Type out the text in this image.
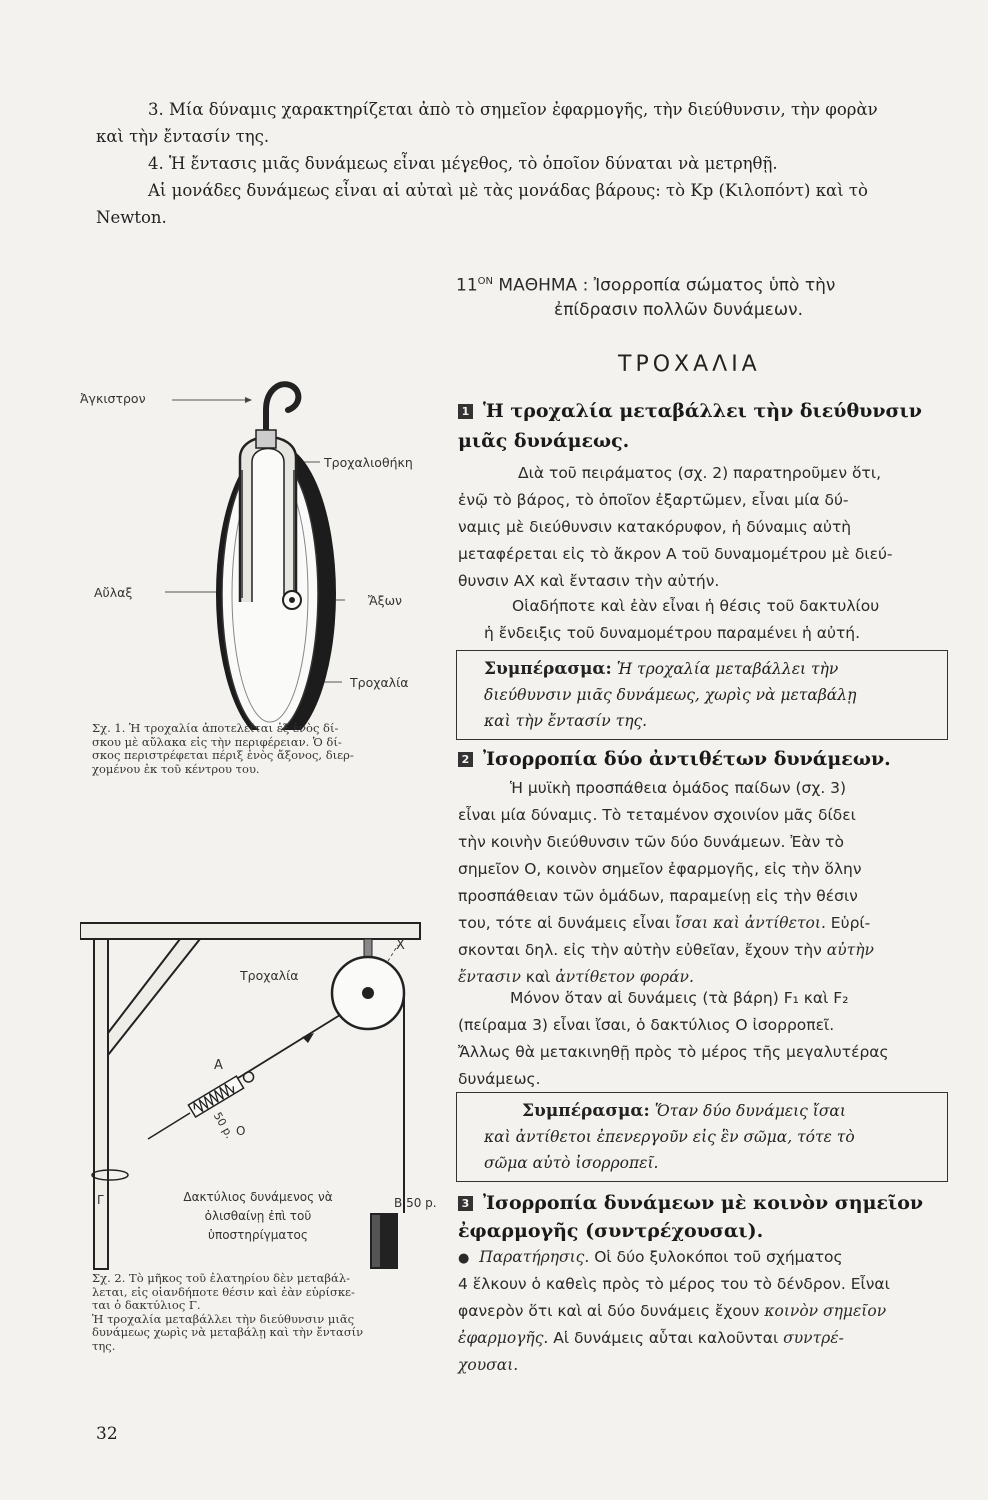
3. Μία δύναμις χαρακτηρίζεται ἀπὸ τὸ σημεῖον ἐφαρμογῆς, τὴν διεύθυνσιν, τὴν φορὰν
καὶ τὴν ἔντασίν της.
4. Ἡ ἔντασις μιᾶς δυνάμεως εἶναι μέγεθος, τὸ ὁποῖον δύναται νὰ μετρηθῇ.
Αἱ μονάδες δυνάμεως εἶναι αἱ αὐταὶ μὲ τὰς μονάδας βάρους: τὸ Kp (Κιλοπόντ) καὶ τὸ
Newton.
Ἀγκιστρον
Τροχαλιοθήκη
Αὔλαξ
Ἄξων
Τροχαλία
Σχ. 1. Ἡ τροχαλία ἀποτελεῖται ἐξ ἑνὸς δί-
σκου μὲ αὔλακα εἰς τὴν περιφέρειαν. Ὁ δί-
σκος περιστρέφεται πέριξ ἑνὸς ἄξονος, διερ-
χομένου ἐκ τοῦ κέντρου του.
Τροχαλία
X
A
50 p. O
Γ	B 50 p.
Δακτύλιος δυνάμενος νὰ
ὀλισθαίνῃ ἐπὶ τοῦ
ὑποστηρίγματος
Σχ. 2. Τὸ μῆκος τοῦ ἐλατηρίου δὲν μεταβάλ-
λεται, εἰς οἱανδήποτε θέσιν καὶ ἐὰν εὑρίσκε-
ται ὁ δακτύλιος Γ.
Ἡ τροχαλία μεταβάλλει τὴν διεύθυνσιν μιᾶς
δυνάμεως χωρὶς νὰ μεταβάλῃ καὶ τὴν ἔντασίν
της.
32
$11^{ON}$ ΜΑΘΗΜΑ : Ἰσορροπία σώματος ὑπὸ τὴν
ἐπίδρασιν πολλῶν δυνάμεων.
ΤΡΟΧΑΛΙΑ
1 Ἡ τροχαλία μεταβάλλει τὴν διεύθυνσιν
μιᾶς δυνάμεως.
Διὰ τοῦ πειράματος (σχ. 2) παρατηροῦμεν ὅτι,
ἐνῷ τὸ βάρος, τὸ ὁποῖον ἐξαρτῶμεν, εἶναι μία δύ-
ναμις μὲ διεύθυνσιν κατακόρυφον, ἡ δύναμις αὐτὴ
μεταφέρεται εἰς τὸ ἄκρον Α τοῦ δυναμομέτρου μὲ διεύ-
θυνσιν ΑΧ καὶ ἔντασιν τὴν αὐτήν.
Οἱαδήποτε καὶ ἐὰν εἶναι ἡ θέσις τοῦ δακτυλίου
ἡ ἔνδειξις τοῦ δυναμομέτρου παραμένει ἡ αὐτή.
Συμπέρασμα: Ἡ τροχαλία μεταβάλλει τὴν
διεύθυνσιν μιᾶς δυνάμεως, χωρὶς νὰ μεταβάλῃ
καὶ τὴν ἔντασίν της.
2 Ἰσορροπία δύο ἀντιθέτων δυνάμεων.
Ἡ μυϊκὴ προσπάθεια ὁμάδος παίδων (σχ. 3)
εἶναι μία δύναμις. Τὸ τεταμένον σχοινίον μᾶς δίδει
τὴν κοινὴν διεύθυνσιν τῶν δύο δυνάμεων. Ἐὰν τὸ
σημεῖον Ο, κοινὸν σημεῖον ἐφαρμογῆς, εἰς τὴν ὅλην
προσπάθειαν τῶν ὁμάδων, παραμείνῃ εἰς τὴν θέσιν
του, τότε αἱ δυνάμεις εἶναι ἴσαι καὶ ἀντίθετοι. Εὑρί-
σκονται δηλ. εἰς τὴν αὐτὴν εὐθεῖαν, ἔχουν τὴν αὐτὴν
ἔντασιν καὶ ἀντίθετον φοράν.
Μόνον ὅταν αἱ δυνάμεις (τὰ βάρη) F₁ καὶ F₂
(πείραμα 3) εἶναι ἴσαι, ὁ δακτύλιος Ο ἰσορροπεῖ.
Ἄλλως θὰ μετακινηθῇ πρὸς τὸ μέρος τῆς μεγαλυτέρας
δυνάμεως.
Συμπέρασμα: Ὅταν δύο δυνάμεις ἴσαι
καὶ ἀντίθετοι ἐπενεργοῦν εἰς ἓν σῶμα, τότε τὸ
σῶμα αὐτὸ ἰσορροπεῖ.
3 Ἰσορροπία δυνάμεων μὲ κοινὸν σημεῖον
ἐφαρμογῆς (συντρέχουσαι).
● Παρατήρησις. Οἱ δύο ξυλοκόποι τοῦ σχήματος
4 ἕλκουν ὁ καθεὶς πρὸς τὸ μέρος του τὸ δένδρον. Εἶναι
φανερὸν ὅτι καὶ αἱ δύο δυνάμεις ἔχουν κοινὸν σημεῖον
ἐφαρμογῆς. Αἱ δυνάμεις αὗται καλοῦνται συντρέ-
χουσαι.
